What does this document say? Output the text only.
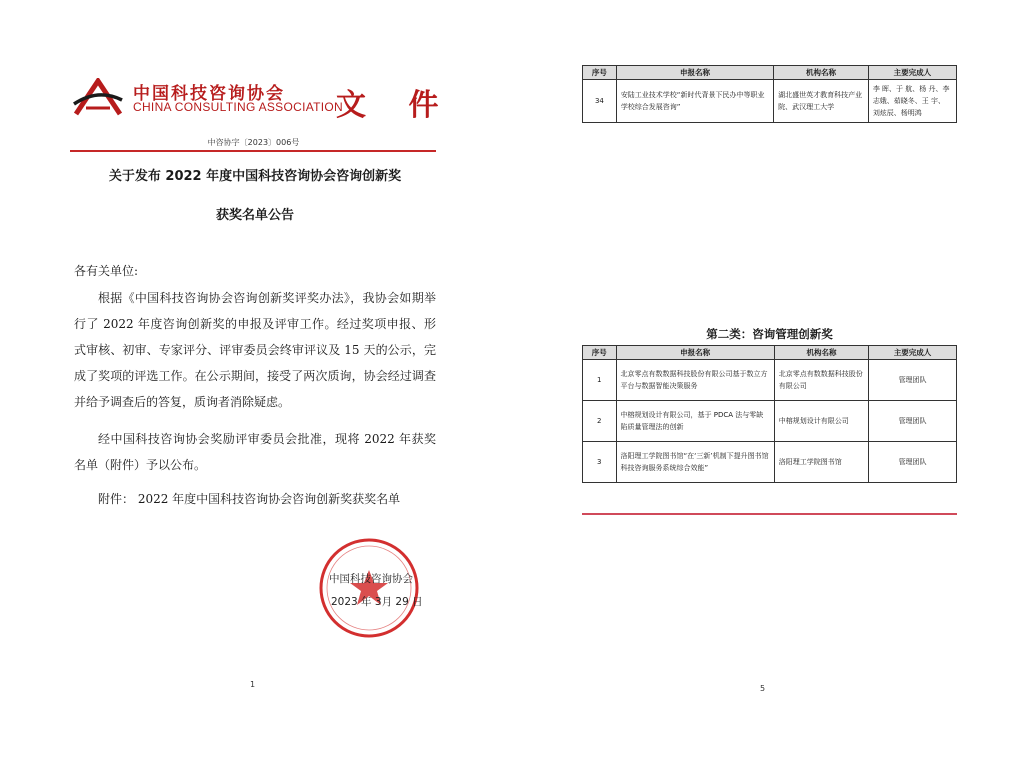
中国科技咨询协会
CHINA CONSULTING ASSOCIATION
文 件
中咨协字〔2023〕006号
关于发布 2022 年度中国科技咨询协会咨询创新奖
获奖名单公告
各有关单位:

根据《中国科技咨询协会咨询创新奖评奖办法》，我协会如期举行了 2022 年度咨询创新奖的申报及评审工作。经过奖项申报、形式审核、初审、专家评分、评审委员会终审评议及 15 天的公示，完成了奖项的评选工作。在公示期间，接受了两次质询，协会经过调查并给予调查后的答复，质询者消除疑虑。

经中国科技咨询协会奖励评审委员会批准，现将 2022 年获奖名单（附件）予以公布。

附件： 2022 年度中国科技咨询协会咨询创新奖获奖名单
中国科技咨询协会
2023 年 3月 29 日
1
序号	申报名称	机构名称	主要完成人
34	安陆工业技术学校“新时代背景下民办中等职业学校综合发展咨询”	湖北盛世英才教育科技产业院、武汉理工大学	李 晖、于 航、杨 丹、李志娥、茹晓冬、王 宇、刘炫辰、杨明鸿
第二类：咨询管理创新奖
序号	申报名称	机构名称	主要完成人
1	北京零点有数数据科技股份有限公司基于数立方平台与数据智能决策服务	北京零点有数数据科技股份有限公司	管理团队
2	中榕规划设计有限公司，基于 PDCA 法与零缺陷质量管理法的创新	中榕规划设计有限公司	管理团队
3	洛阳理工学院图书馆“在‘三新’机制下提升图书馆科技咨询服务系统综合效能”	洛阳理工学院图书馆	管理团队
5
